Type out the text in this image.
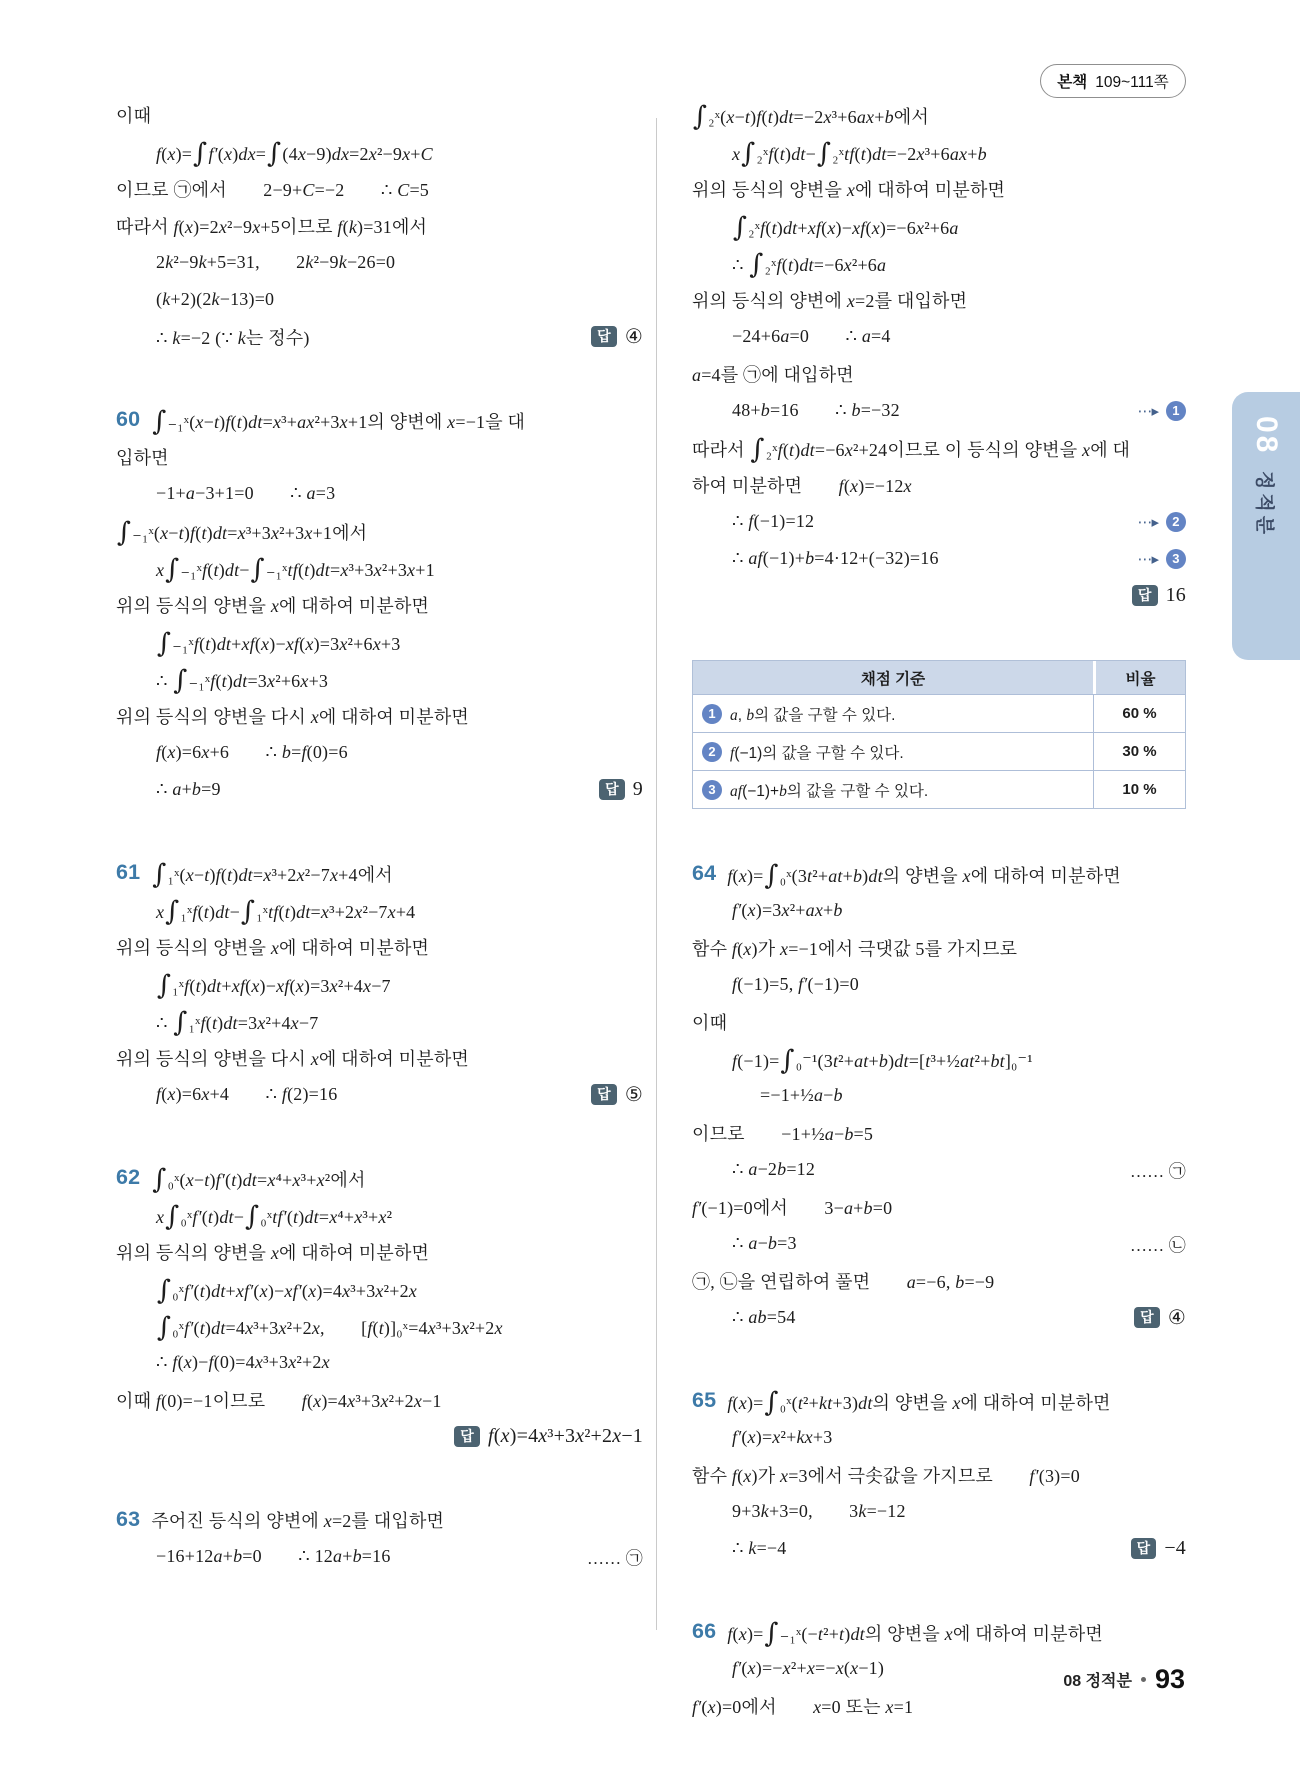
본책 109~111쪽
이때
f(x)=∫f′(x)dx=∫(4x−9)dx=2x²−9x+C
이므로 ㉠에서  2−9+C=−2  ∴ C=5
따라서 f(x)=2x²−9x+5이므로 f(k)=31에서
2k²−9k+5=31,  2k²−9k−26=0
(k+2)(2k−13)=0
∴ k=−2 (∵ k는 정수)	답 ④
60 ∫₋₁ˣ(x−t)f(t)dt=x³+ax²+3x+1의 양변에 x=−1을 대
입하면
−1+a−3+1=0  ∴ a=3
∫₋₁ˣ(x−t)f(t)dt=x³+3x²+3x+1에서
x∫₋₁ˣf(t)dt−∫₋₁ˣtf(t)dt=x³+3x²+3x+1
위의 등식의 양변을 x에 대하여 미분하면
∫₋₁ˣf(t)dt+xf(x)−xf(x)=3x²+6x+3
∴ ∫₋₁ˣf(t)dt=3x²+6x+3
위의 등식의 양변을 다시 x에 대하여 미분하면
f(x)=6x+6  ∴ b=f(0)=6
∴ a+b=9	답 9
61 ∫₁ˣ(x−t)f(t)dt=x³+2x²−7x+4에서
x∫₁ˣf(t)dt−∫₁ˣtf(t)dt=x³+2x²−7x+4
위의 등식의 양변을 x에 대하여 미분하면
∫₁ˣf(t)dt+xf(x)−xf(x)=3x²+4x−7
∴ ∫₁ˣf(t)dt=3x²+4x−7
위의 등식의 양변을 다시 x에 대하여 미분하면
f(x)=6x+4  ∴ f(2)=16	답 ⑤
62 ∫₀ˣ(x−t)f′(t)dt=x⁴+x³+x²에서
x∫₀ˣf′(t)dt−∫₀ˣtf′(t)dt=x⁴+x³+x²
위의 등식의 양변을 x에 대하여 미분하면
∫₀ˣf′(t)dt+xf′(x)−xf′(x)=4x³+3x²+2x
∫₀ˣf′(t)dt=4x³+3x²+2x,  [f(t)]₀ˣ=4x³+3x²+2x
∴ f(x)−f(0)=4x³+3x²+2x
이때 f(0)=−1이므로  f(x)=4x³+3x²+2x−1
답 f(x)=4x³+3x²+2x−1
63 주어진 등식의 양변에 x=2를 대입하면
−16+12a+b=0  ∴ 12a+b=16	…… ㉠
∫₂ˣ(x−t)f(t)dt=−2x³+6ax+b에서
x∫₂ˣf(t)dt−∫₂ˣtf(t)dt=−2x³+6ax+b
위의 등식의 양변을 x에 대하여 미분하면
∫₂ˣf(t)dt+xf(x)−xf(x)=−6x²+6a
∴ ∫₂ˣf(t)dt=−6x²+6a
위의 등식의 양변에 x=2를 대입하면
−24+6a=0  ∴ a=4
a=4를 ㉠에 대입하면
48+b=16  ∴ b=−32	⋯▸	1
따라서 ∫₂ˣf(t)dt=−6x²+24이므로 이 등식의 양변을 x에 대
하여 미분하면  f(x)=−12x
∴ f(−1)=12	⋯▸	2
∴ af(−1)+b=4·12+(−32)=16	⋯▸	3
답 16
채점 기준	비율
1 a, b의 값을 구할 수 있다.	60 %
2 f(−1)의 값을 구할 수 있다.	30 %
3 af(−1)+b의 값을 구할 수 있다.	10 %
64 f(x)=∫₀ˣ(3t²+at+b)dt의 양변을 x에 대하여 미분하면
f′(x)=3x²+ax+b
함수 f(x)가 x=−1에서 극댓값 5를 가지므로
f(−1)=5, f′(−1)=0
이때
f(−1)=∫₀⁻¹(3t²+at+b)dt=[t³+½at²+bt]₀⁻¹
=−1+½a−b
이므로  −1+½a−b=5
∴ a−2b=12	…… ㉠
f′(−1)=0에서  3−a+b=0
∴ a−b=3	…… ㉡
㉠, ㉡을 연립하여 풀면  a=−6, b=−9
∴ ab=54	답 ④
65 f(x)=∫₀ˣ(t²+kt+3)dt의 양변을 x에 대하여 미분하면
f′(x)=x²+kx+3
함수 f(x)가 x=3에서 극솟값을 가지므로  f′(3)=0
9+3k+3=0,  3k=−12
∴ k=−4	답 −4
66 f(x)=∫₋₁ˣ(−t²+t)dt의 양변을 x에 대하여 미분하면
f′(x)=−x²+x=−x(x−1)
f′(x)=0에서  x=0 또는 x=1
08
정적분
08 정적분 93
